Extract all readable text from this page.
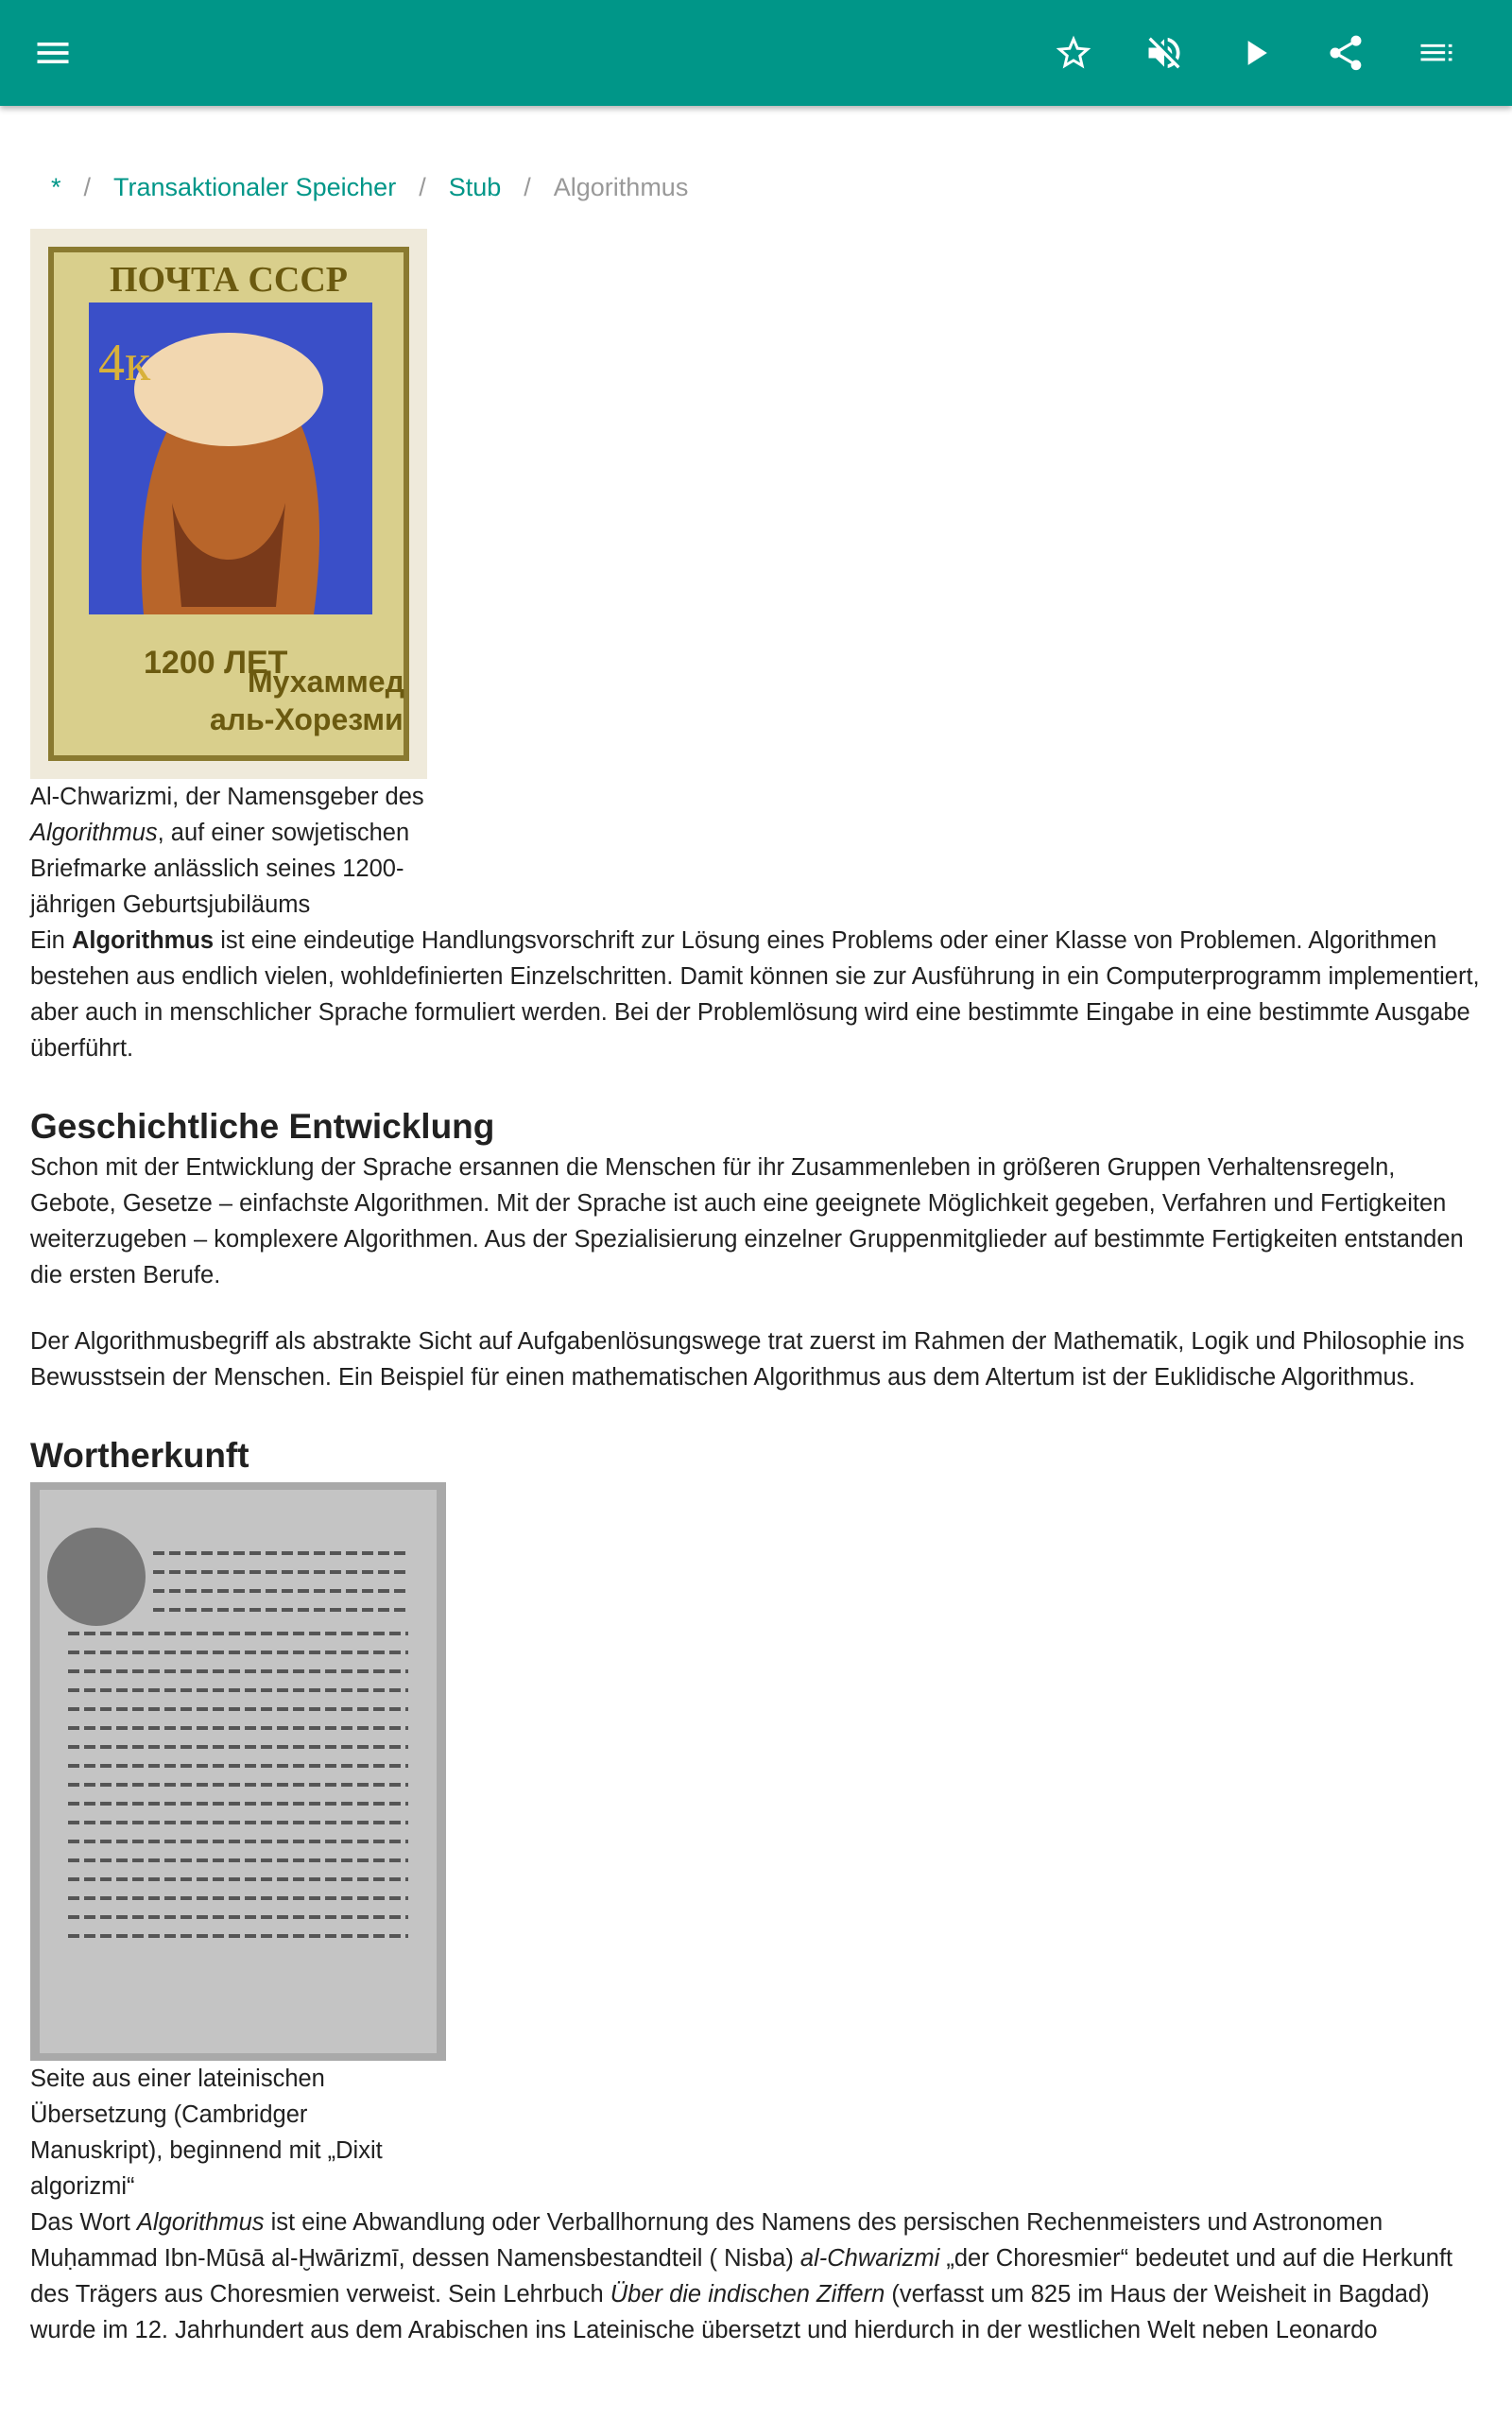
* / Transaktionaler Speicher / Stub / Algorithmus
ПОЧТА СССР
4к
1200 ЛЕТ
Мухаммед
аль-Хорезми
Al-Chwarizmi, der Namensgeber des Algorithmus, auf einer sowjetischen Briefmarke anlässlich seines 1200-jährigen Geburtsjubiläums

Ein Algorithmus ist eine eindeutige Handlungsvorschrift zur Lösung eines Problems oder einer Klasse von Problemen. Algorithmen bestehen aus endlich vielen, wohldefinierten Einzelschritten. Damit können sie zur Ausführung in ein Computerprogramm implementiert, aber auch in menschlicher Sprache formuliert werden. Bei der Problemlösung wird eine bestimmte Eingabe in eine bestimmte Ausgabe überführt.

Geschichtliche Entwicklung

Schon mit der Entwicklung der Sprache ersannen die Menschen für ihr Zusammenleben in größeren Gruppen Verhaltensregeln, Gebote, Gesetze – einfachste Algorithmen. Mit der Sprache ist auch eine geeignete Möglichkeit gegeben, Verfahren und Fertigkeiten weiterzugeben – komplexere Algorithmen. Aus der Spezialisierung einzelner Gruppenmitglieder auf bestimmte Fertigkeiten entstanden die ersten Berufe.

Der Algorithmusbegriff als abstrakte Sicht auf Aufgabenlösungswege trat zuerst im Rahmen der Mathematik, Logik und Philosophie ins Bewusstsein der Menschen. Ein Beispiel für einen mathematischen Algorithmus aus dem Altertum ist der Euklidische Algorithmus.

Wortherkunft
Seite aus einer lateinischen Übersetzung (Cambridger Manuskript), beginnend mit „Dixit algorizmi“

Das Wort Algorithmus ist eine Abwandlung oder Verballhornung des Namens des persischen Rechenmeisters und Astronomen Muḥammad Ibn-Mūsā al-Ḫwārizmī, dessen Namensbestandteil ( Nisba) al-Chwarizmi „der Choresmier“ bedeutet und auf die Herkunft des Trägers aus Choresmien verweist. Sein Lehrbuch Über die indischen Ziffern (verfasst um 825 im Haus der Weisheit in Bagdad) wurde im 12. Jahrhundert aus dem Arabischen ins Lateinische übersetzt und hierdurch in der westlichen Welt neben Leonardo
